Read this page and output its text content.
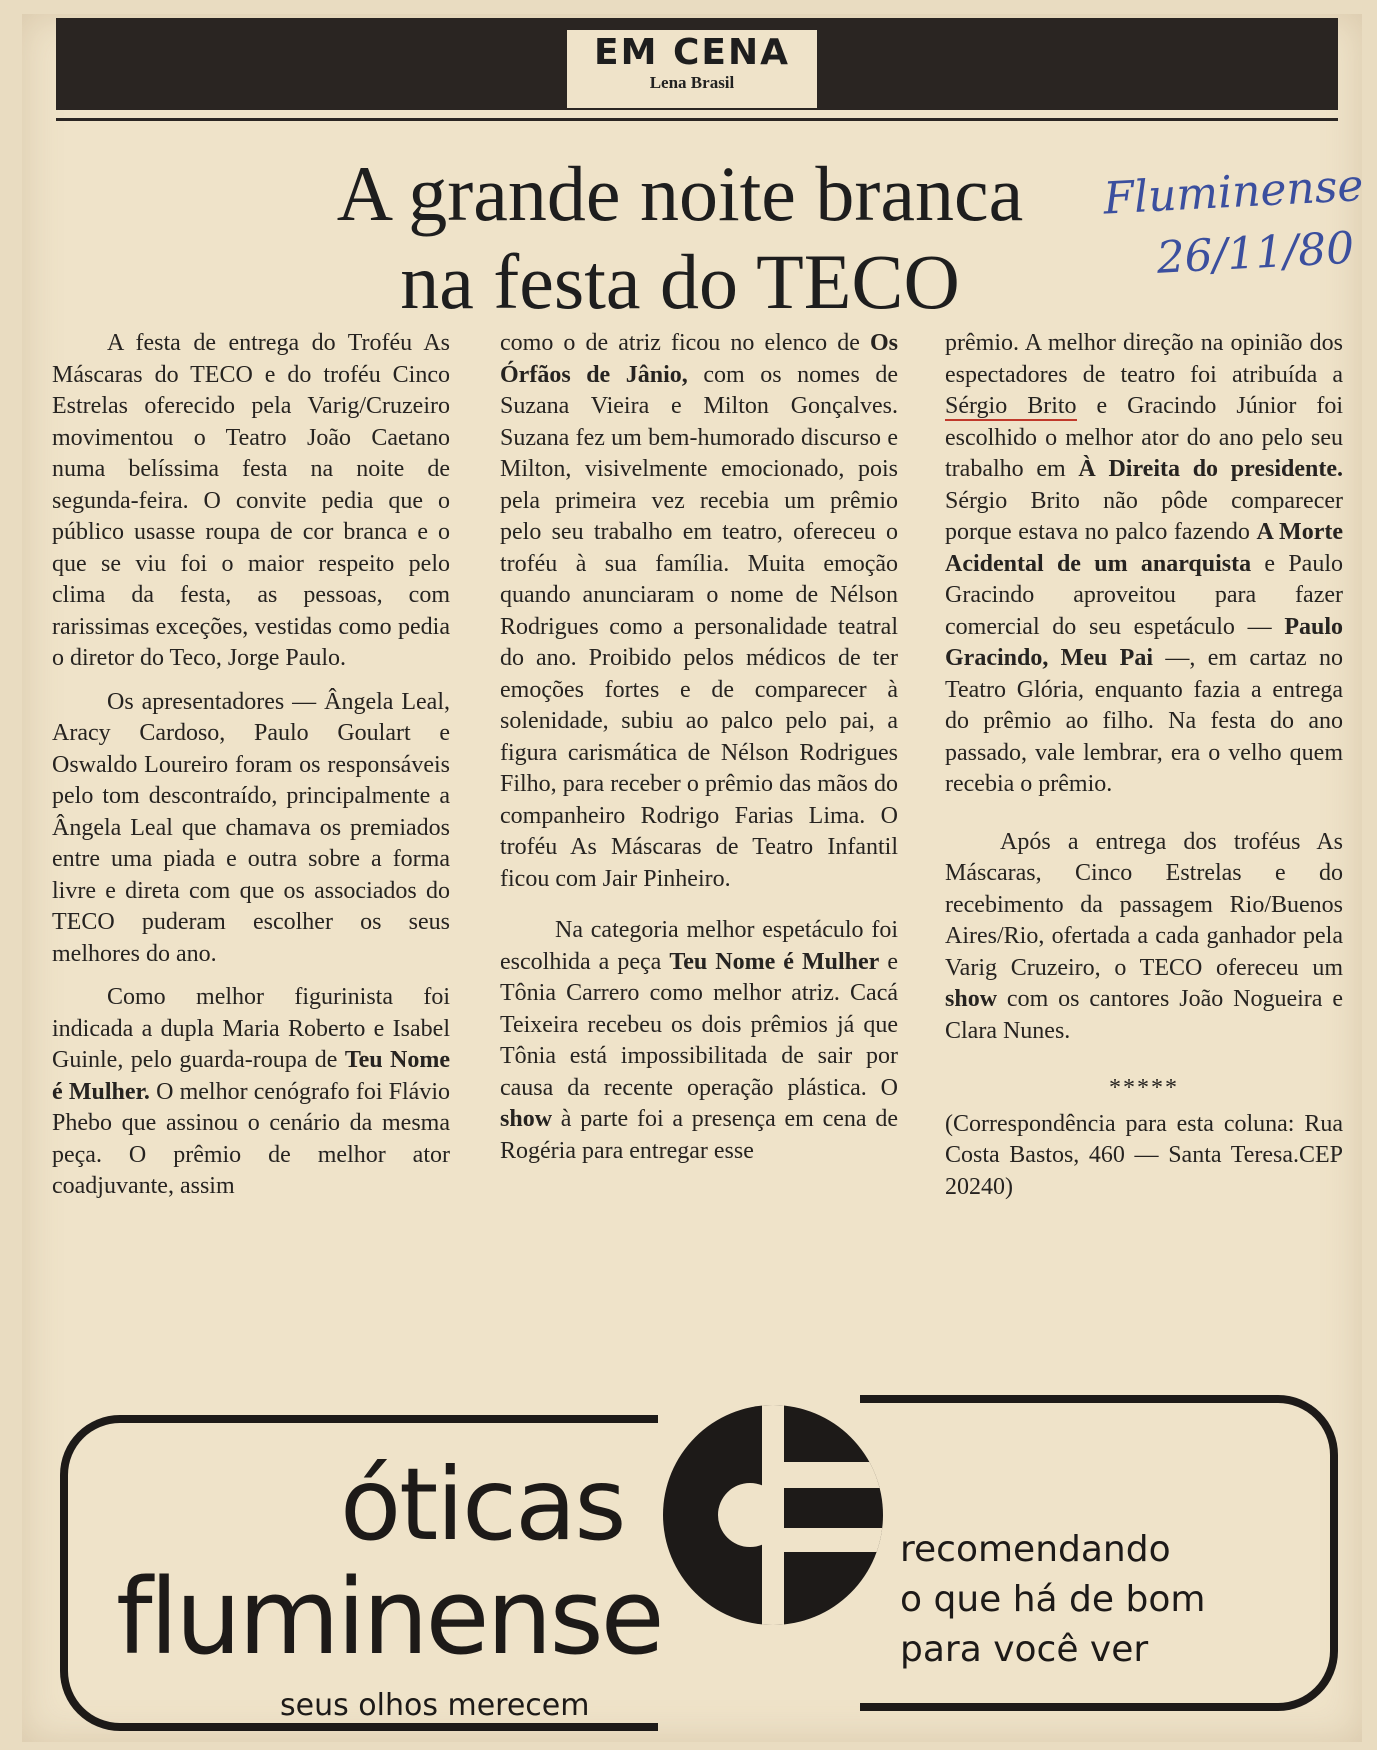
EM CENA
Lena Brasil
A grande noite branca
na festa do TECO
Fluminense
26/11/80

A festa de entrega do Troféu As Máscaras do TECO e do troféu Cinco Estrelas oferecido pela Varig/Cruzeiro movimentou o Teatro João Caetano numa belíssima festa na noite de segunda-feira. O convite pedia que o público usasse roupa de cor branca e o que se viu foi o maior respeito pelo clima da festa, as pessoas, com rarissimas exceções, vestidas como pedia o diretor do Teco, Jorge Paulo.

Os apresentadores — Ângela Leal, Aracy Cardoso, Paulo Goulart e Oswaldo Loureiro foram os responsáveis pelo tom descontraído, principalmente a Ângela Leal que chamava os premiados entre uma piada e outra sobre a forma livre e direta com que os associados do TECO puderam escolher os seus melhores do ano.

Como melhor figurinista foi indicada a dupla Maria Roberto e Isabel Guinle, pelo guarda-roupa de Teu Nome é Mulher. O melhor cenógrafo foi Flávio Phebo que assinou o cenário da mesma peça. O prêmio de melhor ator coadjuvante, assim

como o de atriz ficou no elenco de Os Órfãos de Jânio, com os nomes de Suzana Vieira e Milton Gonçalves. Suzana fez um bem-humorado discurso e Milton, visivelmente emocionado, pois pela primeira vez recebia um prêmio pelo seu trabalho em teatro, ofereceu o troféu à sua família. Muita emoção quando anunciaram o nome de Nélson Rodrigues como a personalidade teatral do ano. Proibido pelos médicos de ter emoções fortes e de comparecer à solenidade, subiu ao palco pelo pai, a figura carismática de Nélson Rodrigues Filho, para receber o prêmio das mãos do companheiro Rodrigo Farias Lima. O troféu As Máscaras de Teatro Infantil ficou com Jair Pinheiro.

Na categoria melhor espetáculo foi escolhida a peça Teu Nome é Mulher e Tônia Carrero como melhor atriz. Cacá Teixeira recebeu os dois prêmios já que Tônia está impossibilitada de sair por causa da recente operação plástica. O show à parte foi a presença em cena de Rogéria para entregar esse

prêmio. A melhor direção na opinião dos espectadores de teatro foi atribuída a Sérgio Brito e Gracindo Júnior foi escolhido o melhor ator do ano pelo seu trabalho em À Direita do presidente. Sérgio Brito não pôde comparecer porque estava no palco fazendo A Morte Acidental de um anarquista e Paulo Gracindo aproveitou para fazer comercial do seu espetáculo — Paulo Gracindo, Meu Pai —, em cartaz no Teatro Glória, enquanto fazia a entrega do prêmio ao filho. Na festa do ano passado, vale lembrar, era o velho quem recebia o prêmio.

Após a entrega dos troféus As Máscaras, Cinco Estrelas e do recebimento da passagem Rio/Buenos Aires/Rio, ofertada a cada ganhador pela Varig Cruzeiro, o TECO ofereceu um show com os cantores João Nogueira e Clara Nunes.

*****

(Correspondência para esta coluna: Rua Costa Bastos, 460 — Santa Teresa.CEP 20240)

óticas
fluminense
seus olhos merecem
recomendando
o que há de bom
para você ver
